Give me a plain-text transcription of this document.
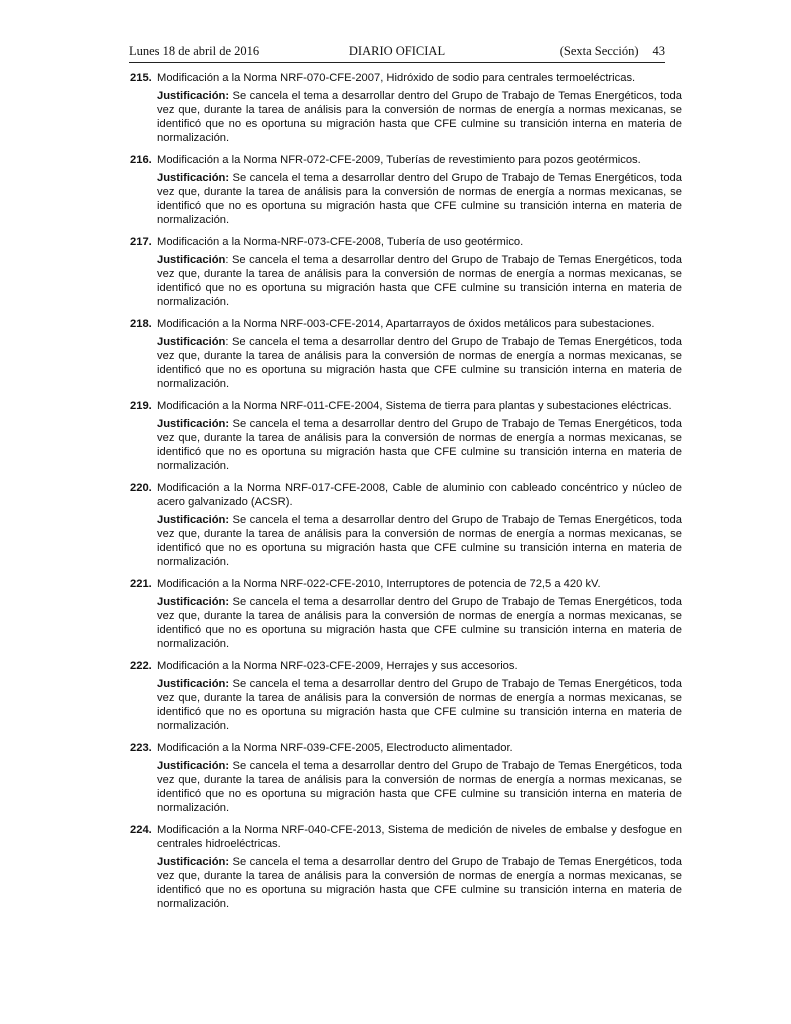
Lunes 18 de abril de 2016	DIARIO OFICIAL	(Sexta Sección) 43
215. Modificación a la Norma NRF-070-CFE-2007, Hidróxido de sodio para centrales termoeléctricas.
Justificación: Se cancela el tema a desarrollar dentro del Grupo de Trabajo de Temas Energéticos, toda vez que, durante la tarea de análisis para la conversión de normas de energía a normas mexicanas, se identificó que no es oportuna su migración hasta que CFE culmine su transición interna en materia de normalización.
216. Modificación a la Norma NFR-072-CFE-2009, Tuberías de revestimiento para pozos geotérmicos.
Justificación: Se cancela el tema a desarrollar dentro del Grupo de Trabajo de Temas Energéticos, toda vez que, durante la tarea de análisis para la conversión de normas de energía a normas mexicanas, se identificó que no es oportuna su migración hasta que CFE culmine su transición interna en materia de normalización.
217. Modificación a la Norma-NRF-073-CFE-2008, Tubería de uso geotérmico.
Justificación: Se cancela el tema a desarrollar dentro del Grupo de Trabajo de Temas Energéticos, toda vez que, durante la tarea de análisis para la conversión de normas de energía a normas mexicanas, se identificó que no es oportuna su migración hasta que CFE culmine su transición interna en materia de normalización.
218. Modificación a la Norma NRF-003-CFE-2014, Apartarrayos de óxidos metálicos para subestaciones.
Justificación: Se cancela el tema a desarrollar dentro del Grupo de Trabajo de Temas Energéticos, toda vez que, durante la tarea de análisis para la conversión de normas de energía a normas mexicanas, se identificó que no es oportuna su migración hasta que CFE culmine su transición interna en materia de normalización.
219. Modificación a la Norma NRF-011-CFE-2004, Sistema de tierra para plantas y subestaciones eléctricas.
Justificación: Se cancela el tema a desarrollar dentro del Grupo de Trabajo de Temas Energéticos, toda vez que, durante la tarea de análisis para la conversión de normas de energía a normas mexicanas, se identificó que no es oportuna su migración hasta que CFE culmine su transición interna en materia de normalización.
220. Modificación a la Norma NRF-017-CFE-2008, Cable de aluminio con cableado concéntrico y núcleo de acero galvanizado (ACSR).
Justificación: Se cancela el tema a desarrollar dentro del Grupo de Trabajo de Temas Energéticos, toda vez que, durante la tarea de análisis para la conversión de normas de energía a normas mexicanas, se identificó que no es oportuna su migración hasta que CFE culmine su transición interna en materia de normalización.
221. Modificación a la Norma NRF-022-CFE-2010, Interruptores de potencia de 72,5 a 420 kV.
Justificación: Se cancela el tema a desarrollar dentro del Grupo de Trabajo de Temas Energéticos, toda vez que, durante la tarea de análisis para la conversión de normas de energía a normas mexicanas, se identificó que no es oportuna su migración hasta que CFE culmine su transición interna en materia de normalización.
222. Modificación a la Norma NRF-023-CFE-2009, Herrajes y sus accesorios.
Justificación: Se cancela el tema a desarrollar dentro del Grupo de Trabajo de Temas Energéticos, toda vez que, durante la tarea de análisis para la conversión de normas de energía a normas mexicanas, se identificó que no es oportuna su migración hasta que CFE culmine su transición interna en materia de normalización.
223. Modificación a la Norma NRF-039-CFE-2005, Electroducto alimentador.
Justificación: Se cancela el tema a desarrollar dentro del Grupo de Trabajo de Temas Energéticos, toda vez que, durante la tarea de análisis para la conversión de normas de energía a normas mexicanas, se identificó que no es oportuna su migración hasta que CFE culmine su transición interna en materia de normalización.
224. Modificación a la Norma NRF-040-CFE-2013, Sistema de medición de niveles de embalse y desfogue en centrales hidroeléctricas.
Justificación: Se cancela el tema a desarrollar dentro del Grupo de Trabajo de Temas Energéticos, toda vez que, durante la tarea de análisis para la conversión de normas de energía a normas mexicanas, se identificó que no es oportuna su migración hasta que CFE culmine su transición interna en materia de normalización.
